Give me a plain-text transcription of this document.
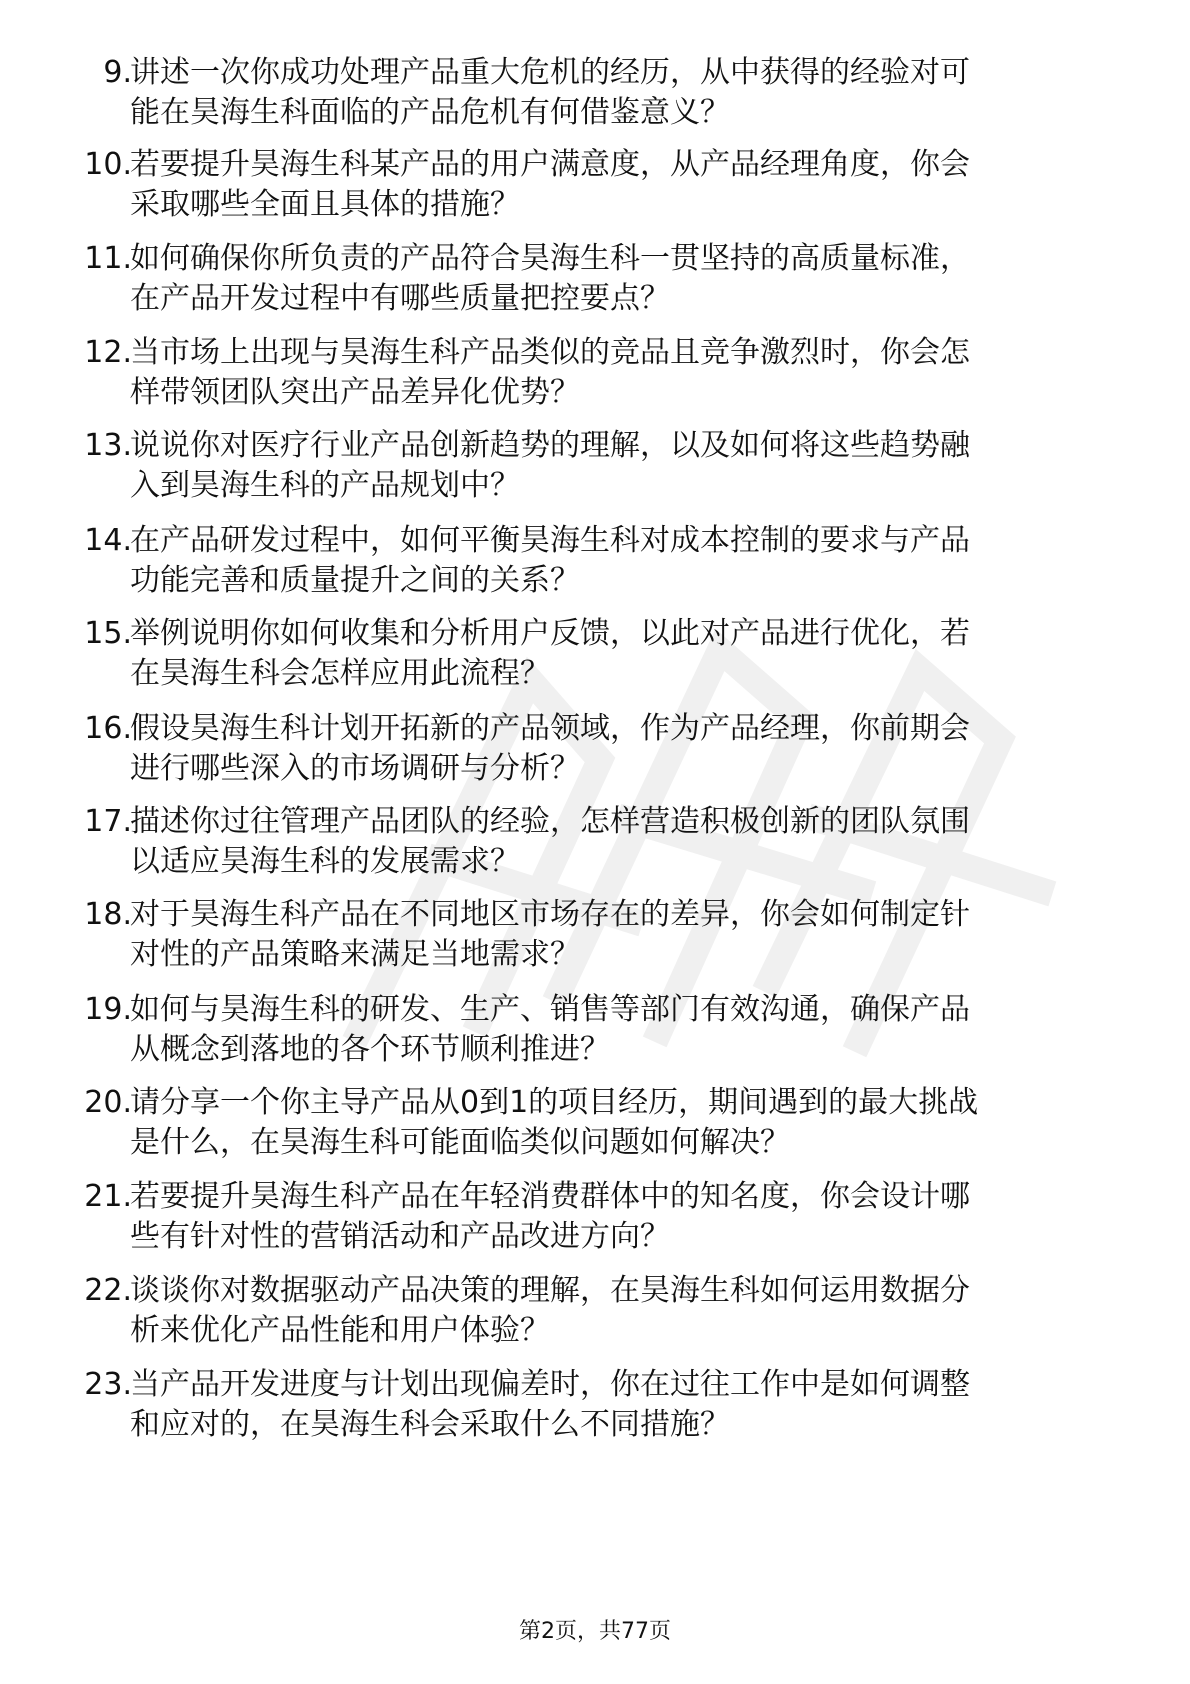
9.
讲述一次你成功处理产品重大危机的经历，从中获得的经验对可
能在昊海生科面临的产品危机有何借鉴意义？
10.
若要提升昊海生科某产品的用户满意度，从产品经理角度，你会
采取哪些全面且具体的措施？
11.
如何确保你所负责的产品符合昊海生科一贯坚持的高质量标准，
在产品开发过程中有哪些质量把控要点？
12.
当市场上出现与昊海生科产品类似的竞品且竞争激烈时，你会怎
样带领团队突出产品差异化优势？
13.
说说你对医疗行业产品创新趋势的理解，以及如何将这些趋势融
入到昊海生科的产品规划中？
14.
在产品研发过程中，如何平衡昊海生科对成本控制的要求与产品
功能完善和质量提升之间的关系？
15.
举例说明你如何收集和分析用户反馈，以此对产品进行优化，若
在昊海生科会怎样应用此流程？
16.
假设昊海生科计划开拓新的产品领域，作为产品经理，你前期会
进行哪些深入的市场调研与分析？
17.
描述你过往管理产品团队的经验，怎样营造积极创新的团队氛围
以适应昊海生科的发展需求？
18.
对于昊海生科产品在不同地区市场存在的差异，你会如何制定针
对性的产品策略来满足当地需求？
19.
如何与昊海生科的研发、生产、销售等部门有效沟通，确保产品
从概念到落地的各个环节顺利推进？
20.
请分享一个你主导产品从0到1的项目经历，期间遇到的最大挑战
是什么，在昊海生科可能面临类似问题如何解决？
21.
若要提升昊海生科产品在年轻消费群体中的知名度，你会设计哪
些有针对性的营销活动和产品改进方向？
22.
谈谈你对数据驱动产品决策的理解，在昊海生科如何运用数据分
析来优化产品性能和用户体验？
23.
当产品开发进度与计划出现偏差时，你在过往工作中是如何调整
和应对的，在昊海生科会采取什么不同措施？
第2页，共77页
